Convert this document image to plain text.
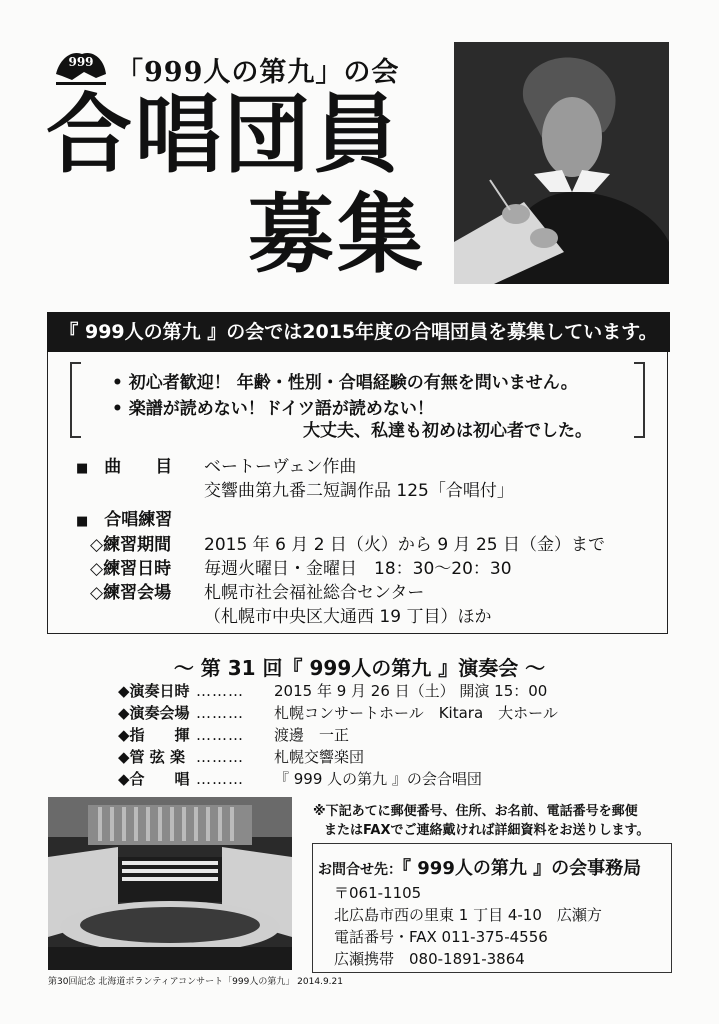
999 「999人の第九」の会
合唱団員
募集
『 999人の第九 』の会では2015年度の合唱団員を募集しています。
• 初心者歓迎！ 年齢・性別・合唱経験の有無を問いません。
• 楽譜が読めない！ドイツ語が読めない！
大丈夫、私達も初めは初心者でした。
■ 曲　　目 ベートーヴェン作曲
交響曲第九番二短調作品 125「合唱付」
■ 合唱練習
◇練習期間 2015 年 6 月 2 日（火）から 9 月 25 日（金）まで
◇練習日時 毎週火曜日・金曜日　18：30～20：30
◇練習会場 札幌市社会福祉総合センター
（札幌市中央区大通西 19 丁目）ほか
～ 第 31 回『 999人の第九 』演奏会 ～
◆演奏日時 ……… 2015 年 9 月 26 日（土） 開演 15：00
◆演奏会場 ……… 札幌コンサートホール　Kitara　大ホール
◆指　　揮 ……… 渡邊　一正
◆管 弦 楽 ……… 札幌交響楽団
◆合　　唱 ……… 『 999 人の第九 』の会合唱団
第30回記念 北海道ボランティアコンサート「999人の第九」 2014.9.21
※下記あてに郵便番号、住所、お名前、電話番号を郵便
またはFAXでご連絡戴ければ詳細資料をお送りします。
お問合せ先：『 999人の第九 』の会事務局
〒061-1105
北広島市西の里東 1 丁目 4-10　広瀬方
電話番号・FAX 011-375-4556
広瀬携帯　080-1891-3864
